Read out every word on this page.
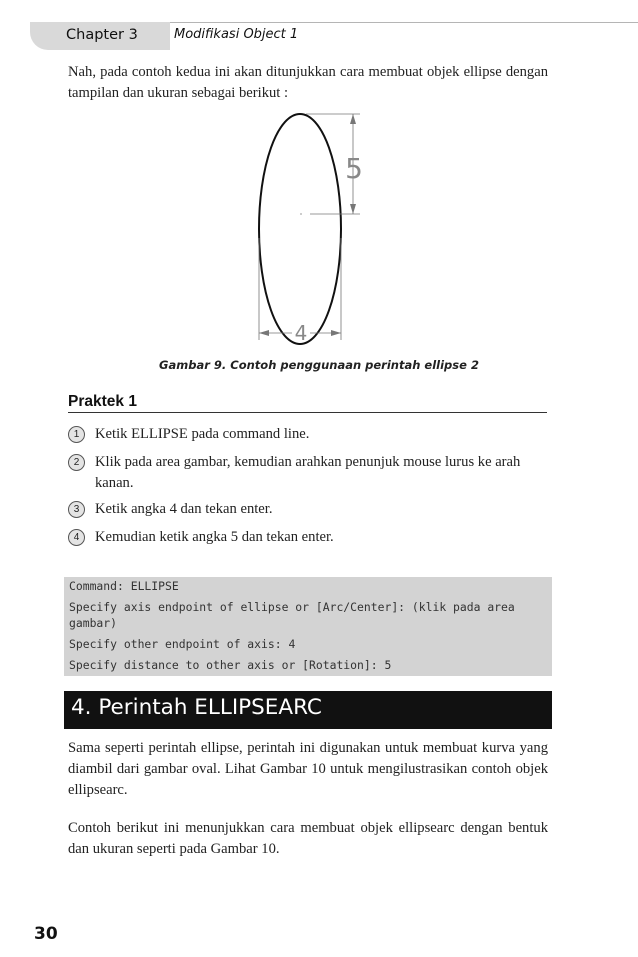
Chapter 3	Modifikasi Object 1

Nah, pada contoh kedua ini akan ditunjukkan cara membuat objek ellipse dengan tampilan dan ukuran sebagai berikut :

5
4
Gambar 9. Contoh penggunaan perintah ellipse 2
Praktek 1
1	Ketik ELLIPSE pada command line.
2	Klik pada area gambar, kemudian arahkan penunjuk mouse lurus ke arah kanan.
3	Ketik angka 4 dan tekan enter.
4	Kemudian ketik angka 5 dan tekan enter.
Command: ELLIPSE
Specify axis endpoint of ellipse or [Arc/Center]: (klik pada area gambar)
Specify other endpoint of axis: 4
Specify distance to other axis or [Rotation]: 5
4. Perintah ELLIPSEARC

Sama seperti perintah ellipse, perintah ini digunakan untuk membuat kurva yang diambil dari gambar oval. Lihat Gambar 10 untuk mengilustrasikan contoh objek ellipsearc.

Contoh berikut ini menunjukkan cara membuat objek ellipsearc dengan bentuk dan ukuran seperti pada Gambar 10.

30
